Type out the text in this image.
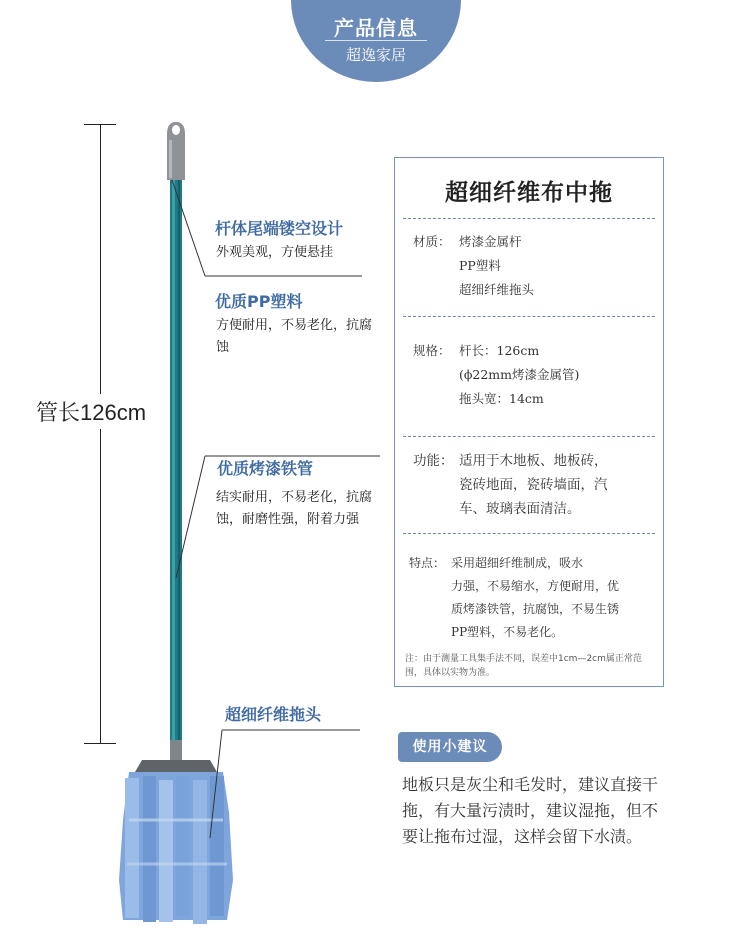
产品信息
超逸家居
管长126cm
杆体尾端镂空设计
外观美观，方便悬挂
优质PP塑料
方便耐用，不易老化，抗腐蚀
优质烤漆铁管
结实耐用，不易老化，抗腐蚀，耐磨性强，附着力强
超细纤维拖头
超细纤维布中拖
材质： 烤漆金属杆
PP塑料
超细纤维拖头
规格： 杆长：126cm
(ϕ22mm烤漆金属管)
拖头宽：14cm
功能： 适用于木地板、地板砖，
瓷砖地面，瓷砖墙面，汽
车、玻璃表面清洁。
特点： 采用超细纤维制成，吸水
力强，不易缩水，方便耐用，优
质烤漆铁管，抗腐蚀，不易生锈
PP塑料，不易老化。
注：由于测量工具集手法不同，误差中1cm—2cm属正常范围，具体以实物为准。
使用小建议
地板只是灰尘和毛发时，建议直接干拖，有大量污渍时，建议湿拖，但不要让拖布过湿，这样会留下水渍。
